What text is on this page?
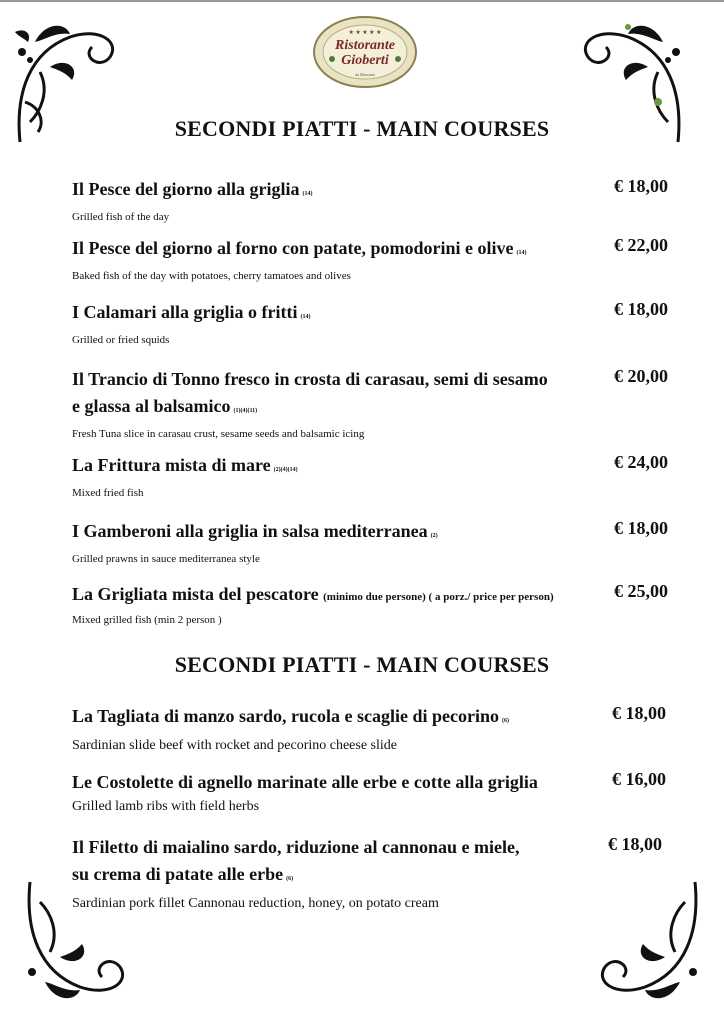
★ ★ ★ ★ ★
Ristorante
Gioberti
da Massimo
SECONDI PIATTI - MAIN COURSES
Il Pesce del giorno alla griglia (14)
Grilled fish of the day
€ 18,00
Il Pesce del giorno al forno con patate, pomodorini e olive (14)
Baked fish of the day with potatoes, cherry tamatoes and olives
€ 22,00
I Calamari alla griglia o fritti (14)
Grilled or fried squids
€ 18,00
Il Trancio di Tonno fresco in crosta di carasau, semi di sesamo
e glassa al balsamico (1)(4)(11)
Fresh Tuna slice in carasau crust, sesame seeds and balsamic icing
€ 20,00
La Frittura mista di mare (2)(4)(14)
Mixed fried fish
€ 24,00
I Gamberoni alla griglia in salsa mediterranea (2)
Grilled prawns in sauce mediterranea style
€ 18,00
La Grigliata mista del pescatore (minimo due persone) ( a porz./ price per person)
Mixed grilled fish (min 2 person )
€ 25,00
SECONDI PIATTI - MAIN COURSES
La Tagliata di manzo sardo, rucola e scaglie di pecorino (6)
Sardinian slide beef with rocket and pecorino cheese slide
€ 18,00
Le Costolette di agnello marinate alle erbe e cotte alla griglia
Grilled lamb ribs with field herbs
€ 16,00
Il Filetto di maialino sardo, riduzione al cannonau e miele,
su crema di patate alle erbe (6)
Sardinian pork fillet Cannonau reduction, honey, on potato cream
€ 18,00
